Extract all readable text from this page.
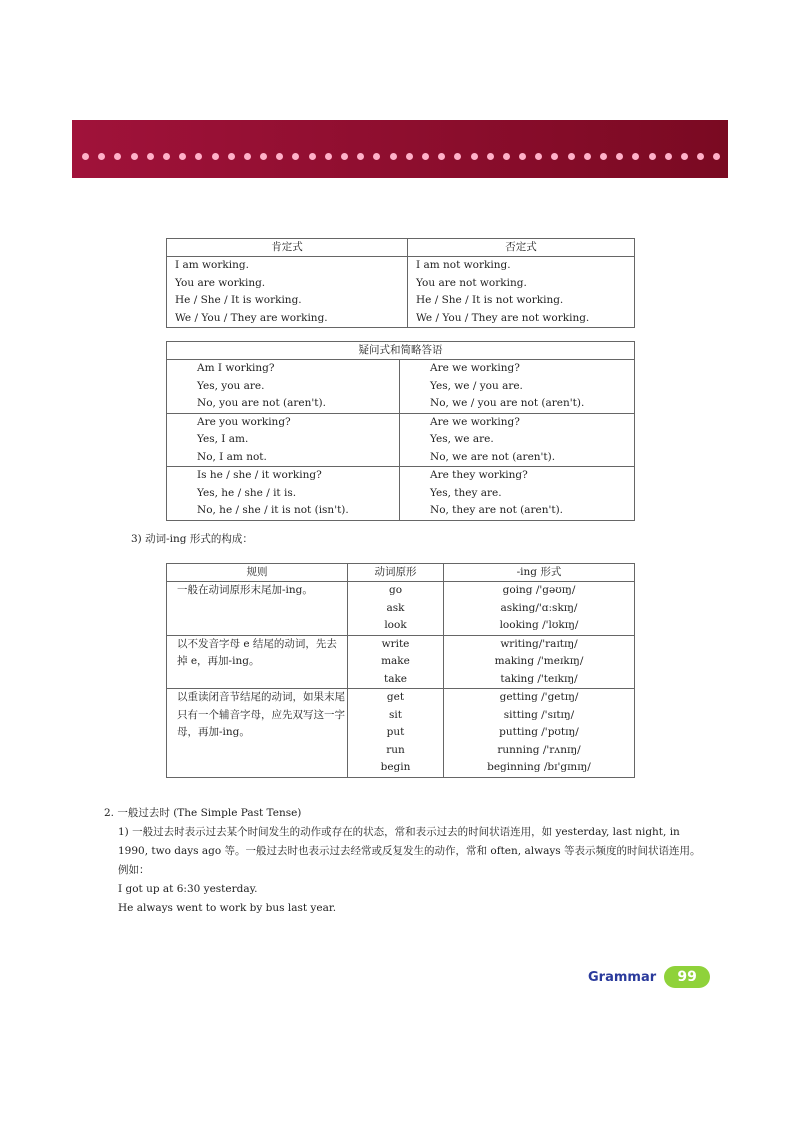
肯定式	否定式
I am working.	I am not working.
You are working.	You are not working.
He / She / It is working.	He / She / It is not working.
We / You / They are working.	We / You / They are not working.
疑问式和简略答语	
Am I working?	Are we working?
Yes, you are.	Yes, we / you are.
No, you are not (aren't).	No, we / you are not (aren't).
Are you working?	Are we working?
Yes, I am.	Yes, we are.
No, I am not.	No, we are not (aren't).
Is he / she / it working?	Are they working?
Yes, he / she / it is.	Yes, they are.
No, he / she / it is not (isn't).	No, they are not (aren't).
3) 动词-ing 形式的构成：
规则	动词原形	-ing 形式
一般在动词原形末尾加-ing。	go	going /'gəʊɪŋ/
	ask	asking/'ɑːskɪŋ/
	look	looking /'lʊkɪŋ/
以不发音字母 e 结尾的动词，先去掉 e，再加-ing。	write	writing/'raɪtɪŋ/
	make	making /'meɪkɪŋ/
	take	taking /'teɪkɪŋ/
以重读闭音节结尾的动词，如果末尾只有一个辅音字母，应先双写这一字母，再加-ing。	get	getting /'getɪŋ/
	sit	sitting /'sɪtɪŋ/
	put	putting /'pʊtɪŋ/
	run	running /'rʌnɪŋ/
	begin	beginning /bɪ'gɪnɪŋ/

2. 一般过去时 (The Simple Past Tense)

1) 一般过去时表示过去某个时间发生的动作或存在的状态，常和表示过去的时间状语连用，如 yesterday, last night, in 1990, two days ago 等。一般过去时也表示过去经常或反复发生的动作，常和 often, always 等表示频度的时间状语连用。例如：

I got up at 6:30 yesterday.

He always went to work by bus last year.

Grammar	99
